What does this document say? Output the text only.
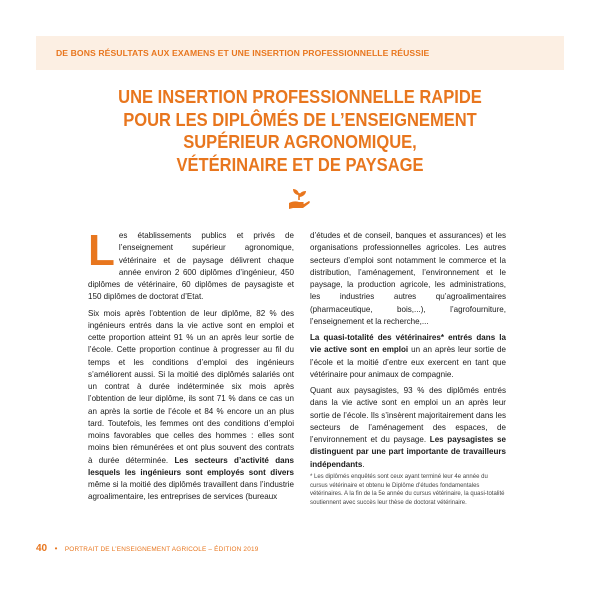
DE BONS RÉSULTATS AUX EXAMENS ET UNE INSERTION PROFESSIONNELLE RÉUSSIE
UNE INSERTION PROFESSIONNELLE RAPIDE
POUR LES DIPLÔMÉS DE L’ENSEIGNEMENT
SUPÉRIEUR AGRONOMIQUE,
VÉTÉRINAIRE ET DE PAYSAGE

Les établissements publics et privés de l’enseignement supérieur agronomique, vétérinaire et de paysage délivrent chaque année environ 2 600 diplômes d’ingénieur, 450 diplômes de vétérinaire, 60 diplômes de paysagiste et 150 diplômes de doctorat d’Etat.

Six mois après l’obtention de leur diplôme, 82 % des ingénieurs entrés dans la vie active sont en emploi et cette proportion atteint 91 % un an après leur sortie de l’école. Cette proportion continue à progresser au fil du temps et les conditions d’emploi des ingénieurs s’améliorent aussi. Si la moitié des diplômés salariés ont un contrat à durée indéterminée six mois après l’obtention de leur diplôme, ils sont 71 % dans ce cas un an après la sortie de l’école et 84 % encore un an plus tard. Toutefois, les femmes ont des conditions d’emploi moins favorables que celles des hommes : elles sont moins bien rémunérées et ont plus souvent des contrats à durée déterminée. Les secteurs d’activité dans lesquels les ingénieurs sont employés sont divers même si la moitié des diplômés travaillent dans l’industrie agroalimentaire, les entreprises de services (bureaux

d’études et de conseil, banques et assurances) et les organisations professionnelles agricoles. Les autres secteurs d’emploi sont notamment le commerce et la distribution, l’aménagement, l’environnement et le paysage, la production agricole, les administrations, les industries autres qu’agroalimentaires (pharmaceutique, bois,...), l’agrofourniture, l’enseignement et la recherche,...

La quasi-totalité des vétérinaires* entrés dans la vie active sont en emploi un an après leur sortie de l’école et la moitié d’entre eux exercent en tant que vétérinaire pour animaux de compagnie.

Quant aux paysagistes, 93 % des diplômés entrés dans la vie active sont en emploi un an après leur sortie de l’école. Ils s’insèrent majoritairement dans les secteurs de l’aménagement des espaces, de l’environnement et du paysage. Les paysagistes se distinguent par une part importante de travailleurs indépendants.

* Les diplômés enquêtés sont ceux ayant terminé leur 4e année du cursus vétérinaire et obtenu le Diplôme d’études fondamentales vétérinaires. A la fin de la 5e année du cursus vétérinaire, la quasi-totalité soutiennent avec succès leur thèse de doctorat vétérinaire.
40 • PORTRAIT DE L’ENSEIGNEMENT AGRICOLE – ÉDITION 2019
